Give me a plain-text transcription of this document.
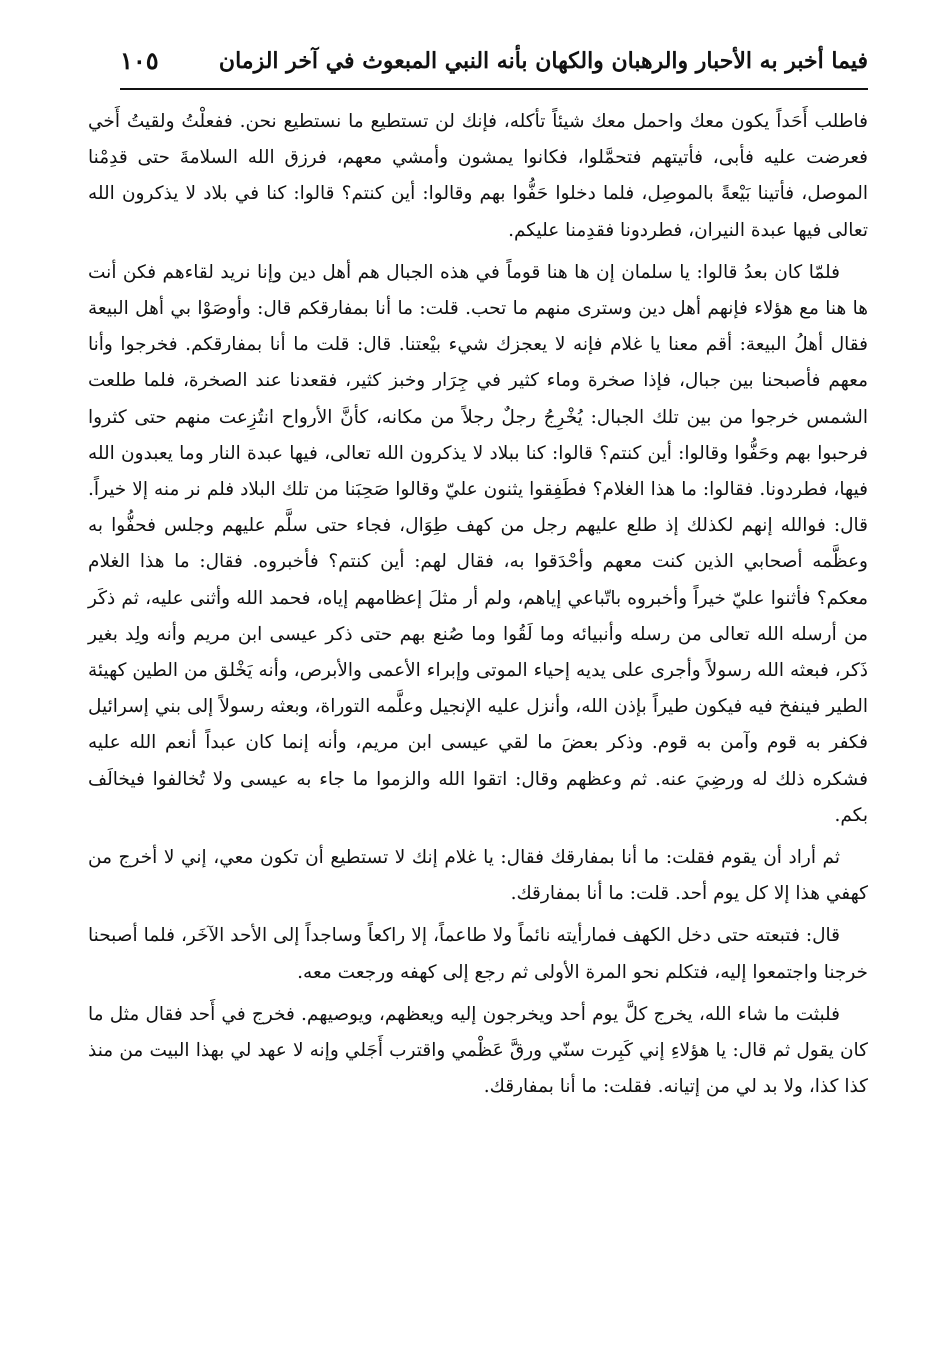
فيما أخبر به الأحبار والرهبان والكهان بأنه النبي المبعوث في آخر الزمان
١٠٥

فاطلب أَحَداً يكون معك واحمل معك شيئاً تأكله، فإنك لن تستطيع ما نستطيع نحن. ففعلْتُ ولقيتُ أَخي فعرضت عليه فأبى، فأتيتهم فتحمَّلوا، فكانوا يمشون وأمشي معهم، فرزق الله السلامةَ حتى قدِمْنا الموصل، فأتينا بَيْعةً بالموصِل، فلما دخلوا حَفُّوا بهم وقالوا: أين كنتم؟ قالوا: كنا في بلاد لا يذكرون الله تعالى فيها عبدة النيران، فطردونا فقدِمنا عليكم.

فلمّا كان بعدُ قالوا: يا سلمان إن ها هنا قوماً في هذه الجبال هم أهل دين وإنا نريد لقاءهم فكن أنت ها هنا مع هؤلاء فإنهم أهل دين وسترى منهم ما تحب. قلت: ما أنا بمفارقكم قال: وأوصَوْا بي أهل البيعة فقال أهلُ البيعة: أقم معنا يا غلام فإنه لا يعجزك شيء بيْعتنا. قال: قلت ما أنا بمفارقكم. فخرجوا وأنا معهم فأصبحنا بين جبال، فإذا صخرة وماء كثير في جِرَار وخبز كثير، فقعدنا عند الصخرة، فلما طلعت الشمس خرجوا من بين تلك الجبال: يُخْرِجُ رجلٌ رجلاً من مكانه، كأنَّ الأرواح انتُزِعت منهم حتى كثروا فرحبوا بهم وحَفُّوا وقالوا: أين كنتم؟ قالوا: كنا ببلاد لا يذكرون الله تعالى، فيها عبدة النار وما يعبدون الله فيها، فطردونا. فقالوا: ما هذا الغلام؟ فطَفِقوا يثنون عليّ وقالوا صَحِبَنا من تلك البلاد فلم نر منه إلا خيراً. قال: فوالله إنهم لكذلك إذ طلع عليهم رجل من كهف طِوَال، فجاء حتى سلَّم عليهم وجلس فحفُّوا به وعظَّمه أصحابي الذين كنت معهم وأحْدَقوا به، فقال لهم: أين كنتم؟ فأخبروه. فقال: ما هذا الغلام معكم؟ فأثنوا عليّ خيراً وأخبروه باتّباعي إياهم، ولم أر مثلَ إعظامهم إياه، فحمد الله وأثنى عليه، ثم ذكَر من أرسله الله تعالى من رسله وأنبيائه وما لَقُوا وما صُنع بهم حتى ذكر عيسى ابن مريم وأنه ولِد بغير ذَكر، فبعثه الله رسولاً وأجرى على يديه إحياء الموتى وإبراء الأعمى والأبرص، وأنه يَخْلق من الطين كهيئة الطير فينفخ فيه فيكون طيراً بإذن الله، وأنزل عليه الإنجيل وعلَّمه التوراة، وبعثه رسولاً إلى بني إسرائيل فكفر به قوم وآمن به قوم. وذكر بعضَ ما لقي عيسى ابن مريم، وأنه إنما كان عبداً أنعم الله عليه فشكره ذلك له ورضِيَ عنه. ثم وعظهم وقال: اتقوا الله والزموا ما جاء به عيسى ولا تُخالفوا فيخالَف بكم.

ثم أراد أن يقوم فقلت: ما أنا بمفارقك فقال: يا غلام إنك لا تستطيع أن تكون معي، إني لا أخرج من كهفي هذا إلا كل يوم أحد. قلت: ما أنا بمفارقك.

قال: فتبعته حتى دخل الكهف فمارأيته نائماً ولا طاعماً، إلا راكعاً وساجداً إلى الأحد الآخَر، فلما أصبحنا خرجنا واجتمعوا إليه، فتكلم نحو المرة الأولى ثم رجع إلى كهفه ورجعت معه.

فلبثت ما شاء الله، يخرج كلَّ يوم أحد ويخرجون إليه ويعظهم، ويوصيهم. فخرج في أَحد فقال مثل ما كان يقول ثم قال: يا هؤلاءِ إني كَبِرت سنّي ورقَّ عَظْمي واقترب أَجَلي وإنه لا عهد لي بهذا البيت من منذ كذا كذا، ولا بد لي من إتيانه. فقلت: ما أنا بمفارقك.
